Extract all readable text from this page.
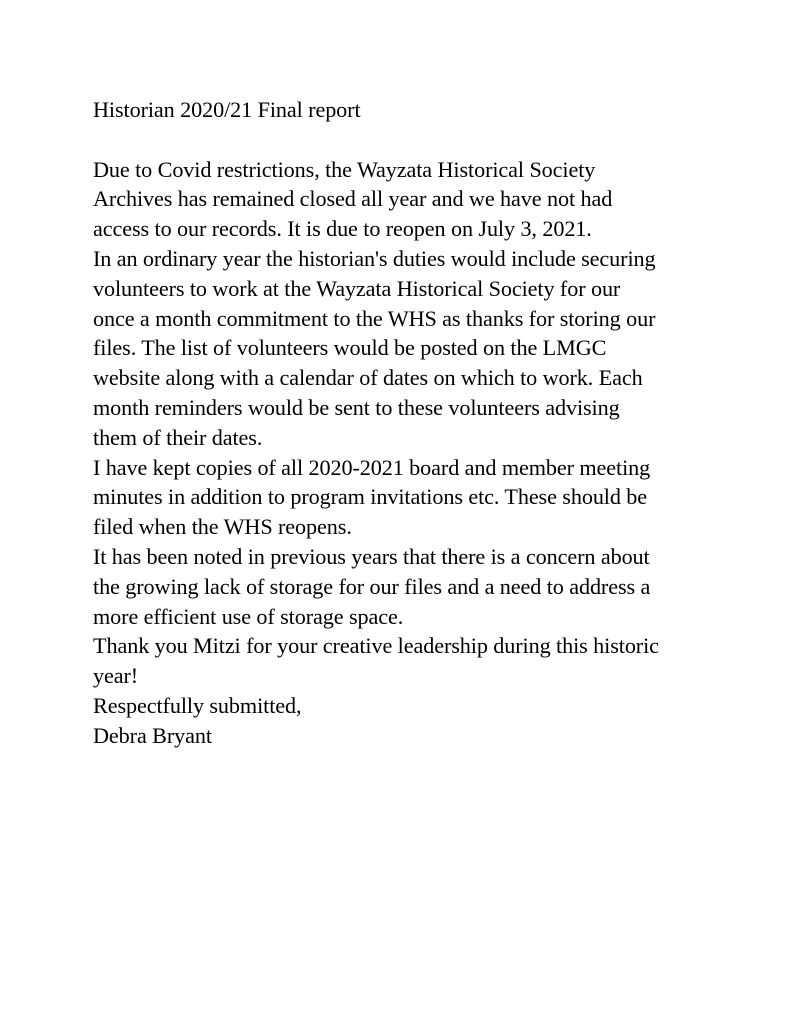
Historian 2020/21 Final report
Due to Covid restrictions, the Wayzata Historical Society
Archives has remained closed all year and we have not had
access to our records. It is due to reopen on July 3, 2021.
In an ordinary year the historian's duties would include securing
volunteers to work at the Wayzata Historical Society for our
once a month commitment to the WHS as thanks for storing our
files. The list of volunteers would be posted on the LMGC
website along with a calendar of dates on which to work. Each
month reminders would be sent to these volunteers advising
them of their dates.
I have kept copies of all 2020-2021 board and member meeting
minutes in addition to program invitations etc. These should be
filed when the WHS reopens.
It has been noted in previous years that there is a concern about
the growing lack of storage for our files and a need to address a
more efficient use of storage space.
Thank you Mitzi for your creative leadership during this historic
year!
Respectfully submitted,
Debra Bryant
